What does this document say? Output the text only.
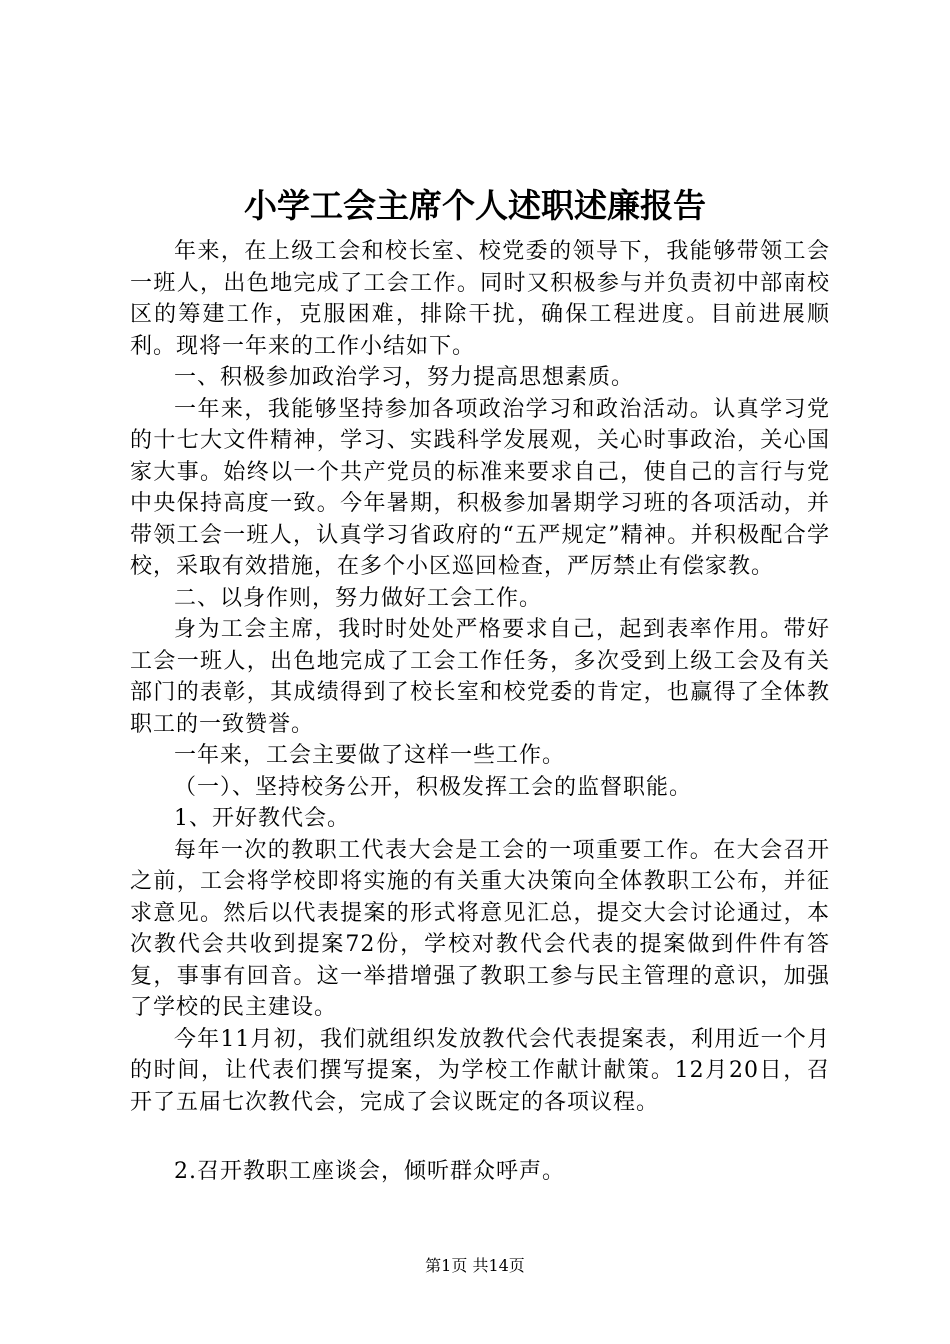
小学工会主席个人述职述廉报告

年来，在上级工会和校长室、校党委的领导下，我能够带领工会一班人，出色地完成了工会工作。同时又积极参与并负责初中部南校区的筹建工作，克服困难，排除干扰，确保工程进度。目前进展顺利。现将一年来的工作小结如下。

一、积极参加政治学习，努力提高思想素质。

一年来，我能够坚持参加各项政治学习和政治活动。认真学习党的十七大文件精神，学习、实践科学发展观，关心时事政治，关心国家大事。始终以一个共产党员的标准来要求自己，使自己的言行与党中央保持高度一致。今年暑期，积极参加暑期学习班的各项活动，并带领工会一班人，认真学习省政府的“五严规定”精神。并积极配合学校，采取有效措施，在多个小区巡回检查，严厉禁止有偿家教。

二、以身作则，努力做好工会工作。

身为工会主席，我时时处处严格要求自己，起到表率作用。带好工会一班人，出色地完成了工会工作任务，多次受到上级工会及有关部门的表彰，其成绩得到了校长室和校党委的肯定，也赢得了全体教职工的一致赞誉。

一年来，工会主要做了这样一些工作。

（一）、坚持校务公开，积极发挥工会的监督职能。

1、开好教代会。

每年一次的教职工代表大会是工会的一项重要工作。在大会召开之前，工会将学校即将实施的有关重大决策向全体教职工公布，并征求意见。然后以代表提案的形式将意见汇总，提交大会讨论通过，本次教代会共收到提案72份，学校对教代会代表的提案做到件件有答复，事事有回音。这一举措增强了教职工参与民主管理的意识，加强了学校的民主建设。

今年11月初，我们就组织发放教代会代表提案表，利用近一个月的时间，让代表们撰写提案，为学校工作献计献策。12月20日，召开了五届七次教代会，完成了会议既定的各项议程。

2.召开教职工座谈会，倾听群众呼声。

第1页 共14页
